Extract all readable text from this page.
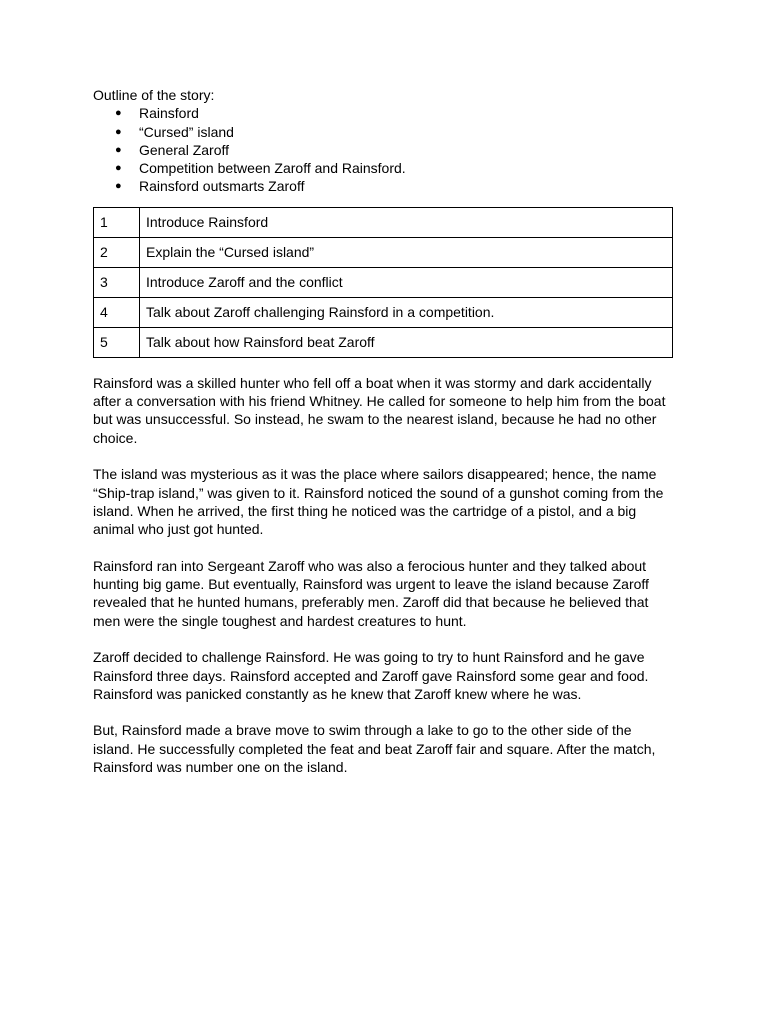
Outline of the story:

● Rainsford
● “Cursed” island
● General Zaroff
● Competition between Zaroff and Rainsford.
● Rainsford outsmarts Zaroff
1	Introduce Rainsford
2	Explain the “Cursed island”
3	Introduce Zaroff and the conflict
4	Talk about Zaroff challenging Rainsford in a competition.
5	Talk about how Rainsford beat Zaroff

Rainsford was a skilled hunter who fell off a boat when it was stormy and dark accidentally after a conversation with his friend Whitney. He called for someone to help him from the boat but was unsuccessful. So instead, he swam to the nearest island, because he had no other choice.

The island was mysterious as it was the place where sailors disappeared; hence, the name “Ship-trap island,” was given to it. Rainsford noticed the sound of a gunshot coming from the island. When he arrived, the first thing he noticed was the cartridge of a pistol, and a big animal who just got hunted.

Rainsford ran into Sergeant Zaroff who was also a ferocious hunter and they talked about hunting big game. But eventually, Rainsford was urgent to leave the island because Zaroff revealed that he hunted humans, preferably men. Zaroff did that because he believed that men were the single toughest and hardest creatures to hunt.

Zaroff decided to challenge Rainsford. He was going to try to hunt Rainsford and he gave Rainsford three days. Rainsford accepted and Zaroff gave Rainsford some gear and food. Rainsford was panicked constantly as he knew that Zaroff knew where he was.

But, Rainsford made a brave move to swim through a lake to go to the other side of the island. He successfully completed the feat and beat Zaroff fair and square. After the match, Rainsford was number one on the island.
